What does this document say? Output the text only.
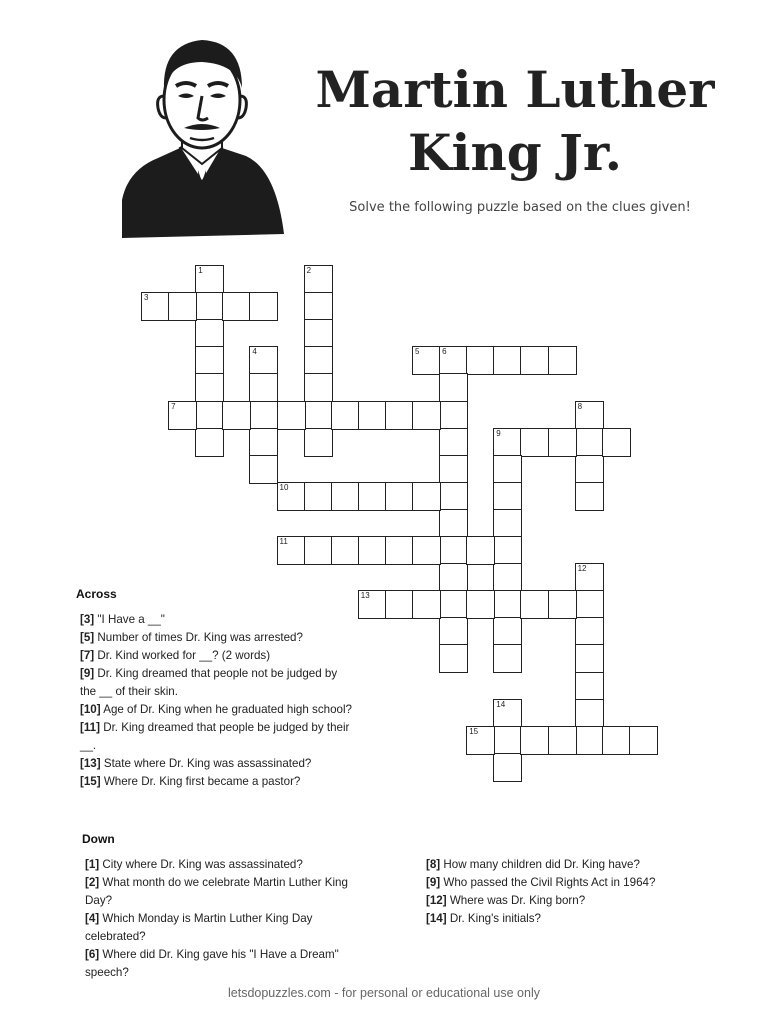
Martin Luther
King Jr.
Solve the following puzzle based on the clues given!
1	2
3
4	5	6
7	8
9
10
11
12
13
14
15
Across

[3] "I Have a __"

[5] Number of times Dr. King was arrested?

[7] Dr. Kind worked for __? (2 words)

[9] Dr. King dreamed that people not be judged by the __ of their skin.

[10] Age of Dr. King when he graduated high school?

[11] Dr. King dreamed that people be judged by their __.

[13] State where Dr. King was assassinated?

[15] Where Dr. King first became a pastor?

Down

[1] City where Dr. King was assassinated?

[2] What month do we celebrate Martin Luther King Day?

[4] Which Monday is Martin Luther King Day celebrated?

[6] Where did Dr. King gave his "I Have a Dream" speech?

[8] How many children did Dr. King have?

[9] Who passed the Civil Rights Act in 1964?

[12] Where was Dr. King born?

[14] Dr. King's initials?

letsdopuzzles.com - for personal or educational use only
